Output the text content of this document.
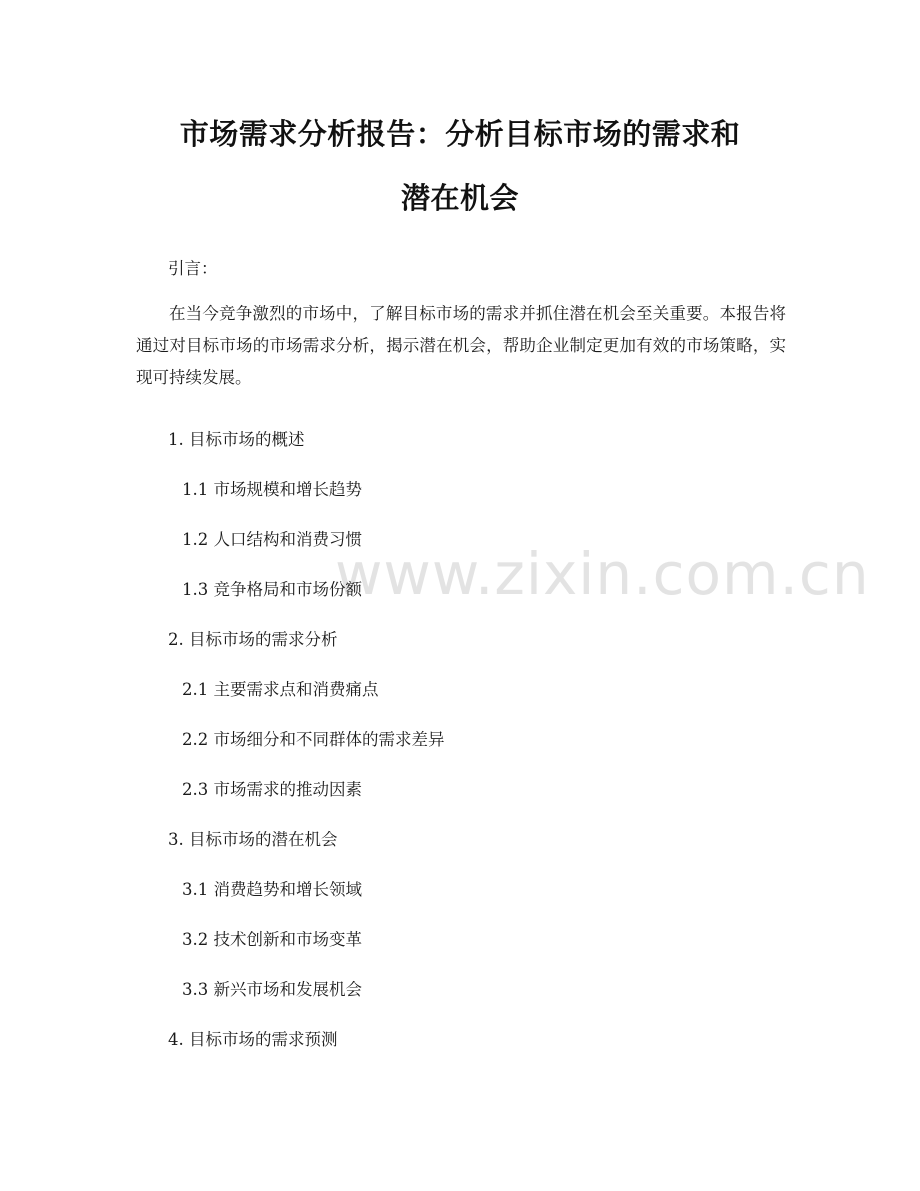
www.zixin.com.cn
市场需求分析报告：分析目标市场的需求和
潜在机会
引言：
在当今竞争激烈的市场中，了解目标市场的需求并抓住潜在机会至关重要。本报告将通过对目标市场的市场需求分析，揭示潜在机会，帮助企业制定更加有效的市场策略，实现可持续发展。
1. 目标市场的概述
1.1 市场规模和增长趋势
1.2 人口结构和消费习惯
1.3 竞争格局和市场份额
2. 目标市场的需求分析
2.1 主要需求点和消费痛点
2.2 市场细分和不同群体的需求差异
2.3 市场需求的推动因素
3. 目标市场的潜在机会
3.1 消费趋势和增长领域
3.2 技术创新和市场变革
3.3 新兴市场和发展机会
4. 目标市场的需求预测
